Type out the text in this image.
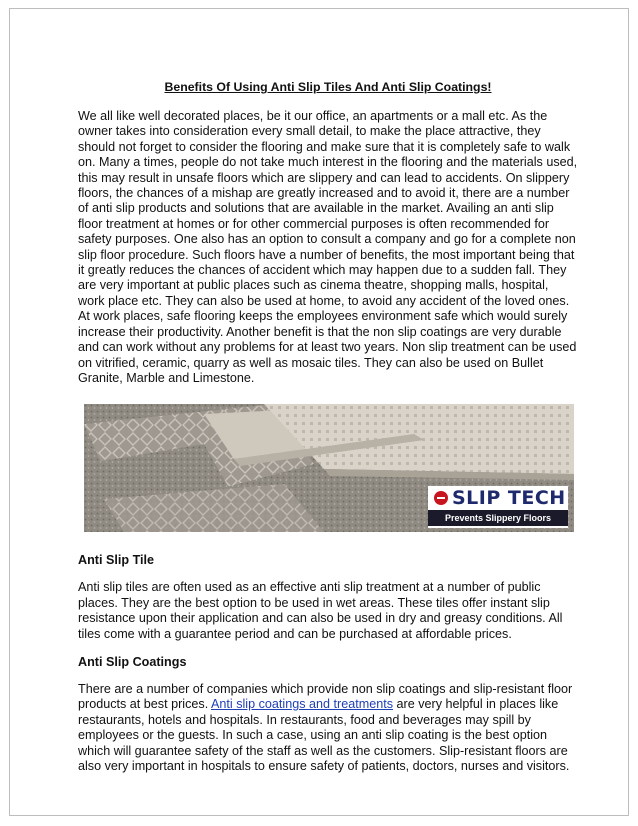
Benefits Of Using Anti Slip Tiles And Anti Slip Coatings!

We all like well decorated places, be it our office, an apartments or a mall etc. As the owner takes into consideration every small detail, to make the place attractive, they should not forget to consider the flooring and make sure that it is completely safe to walk on. Many a times, people do not take much interest in the flooring and the materials used, this may result in unsafe floors which are slippery and can lead to accidents. On slippery floors, the chances of a mishap are greatly increased and to avoid it, there are a number of anti slip products and solutions that are available in the market. Availing an anti slip floor treatment at homes or for other commercial purposes is often recommended for safety purposes. One also has an option to consult a company and go for a complete non slip floor procedure. Such floors have a number of benefits, the most important being that it greatly reduces the chances of accident which may happen due to a sudden fall. They are very important at public places such as cinema theatre, shopping malls, hospital, work place etc. They can also be used at home, to avoid any accident of the loved ones. At work places, safe flooring keeps the employees environment safe which would surely increase their productivity. Another benefit is that the non slip coatings are very durable and can work without any problems for at least two years. Non slip treatment can be used on vitrified, ceramic, quarry as well as mosaic tiles. They can also be used on Bullet Granite, Marble and Limestone.

SLIP TECH
Prevents Slippery Floors
Anti Slip Tile

Anti slip tiles are often used as an effective anti slip treatment at a number of public places. They are the best option to be used in wet areas. These tiles offer instant slip resistance upon their application and can also be used in dry and greasy conditions. All tiles come with a guarantee period and can be purchased at affordable prices.

Anti Slip Coatings

There are a number of companies which provide non slip coatings and slip-resistant floor products at best prices. Anti slip coatings and treatments are very helpful in places like restaurants, hotels and hospitals. In restaurants, food and beverages may spill by employees or the guests. In such a case, using an anti slip coating is the best option which will guarantee safety of the staff as well as the customers. Slip-resistant floors are also very important in hospitals to ensure safety of patients, doctors, nurses and visitors.
